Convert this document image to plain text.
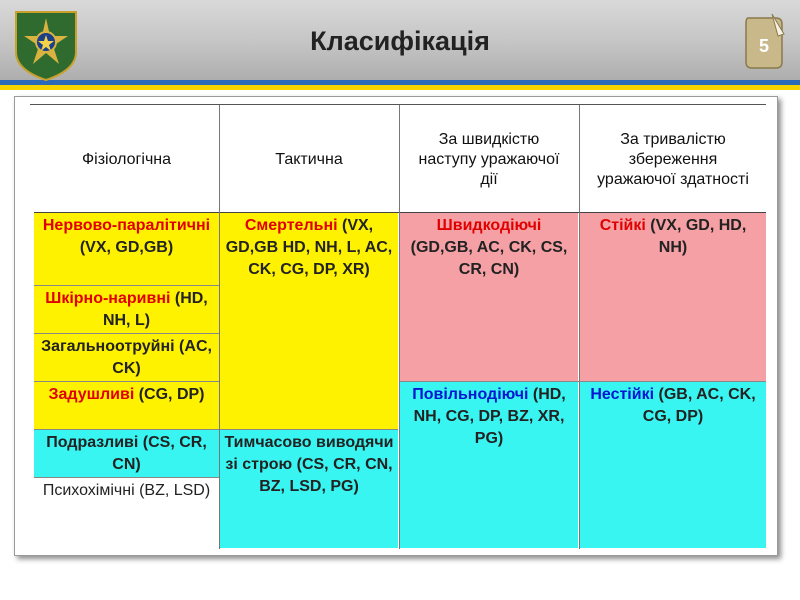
Класифікація	5
Фізіологічна	Тактична
За швидкістю наступу уражаючої дії
За тривалістю збереження уражаючої здатності
Нервово-паралітичні (VX, GD,GB)
Шкірно-наривні (HD, NH, L)
Загальноотруйні (AC, CK)
Задушливі (CG, DP)
Подразливі (CS, CR, CN)
Психохімічні (BZ, LSD)
Смертельні (VX, GD,GB HD, NH, L, AC, CK, CG, DP, XR)
Тимчасово виводячи зі строю (CS, CR, CN, BZ, LSD, PG)
Швидкодіючі (GD,GB, AC, CK, CS, CR, CN)
Повільнодіючі (HD, NH, CG, DP, BZ, XR, PG)
Стійкі (VX, GD, HD, NH)
Нестійкі (GB, AC, CK, CG, DP)
